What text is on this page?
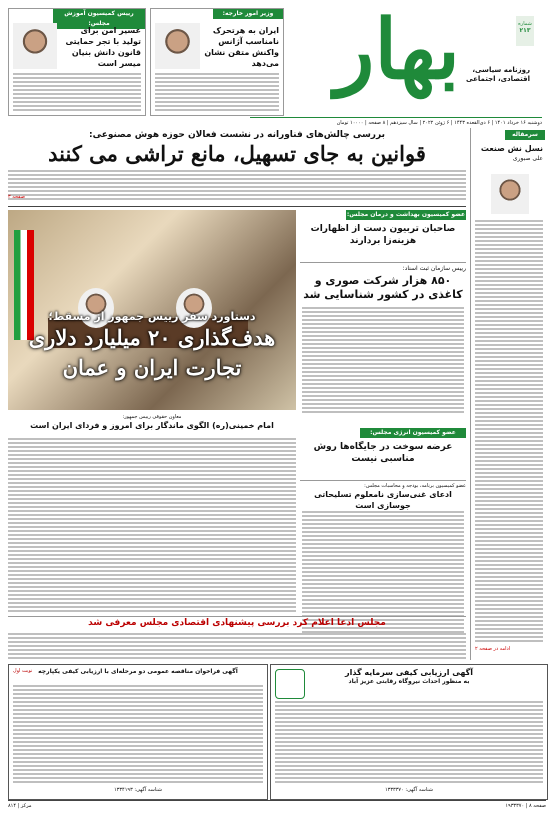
بهار	روزنامه سیاسی، اقتصادی، اجتماعی
شماره
۲۱۳
دوشنبه ۱۶ خرداد ۱۴۰۱ | ۶ ذی‌القعده ۱۴۴۳ | ۶ ژوئن ۲۰۲۲ | سال سیزدهم | ۸ صفحه | ۱۰۰۰۰ تومان
وزیر امور خارجه:
ایران به هرتحرک نامناسب آژانس واکنش متقن نشان می‌دهد
رییس کمیسیون آموزش مجلس:
عسیر امن برای تولید با تجر حمایتی قانون دانش بنیان میسر است
سرمقاله
نسل نش صنعت
علی صبوری
ادامه در صفحه ۲
بررسی چالش‌های فناورانه در نشست فعالان حوزه هوش مصنوعی:
قوانین به جای تسهیل، مانع تراشی می کنند
صفحه ۳
عضو کمیسیون بهداشت و درمان مجلس:
صاحبان تربیون دست از اظهارات هزینه‌زا بردارند
رییس سازمان ثبت اسناد:
۸۵۰ هزار شرکت صوری و کاغذی در کشور شناسایی شد
عضو کمیسیون انرژی مجلس:
عرضه سوخت در جایگاه‌ها روش مناسبی نیست
دستاورد سفر رییس جمهور از مسقط؛
هدف‌گذاری ۲۰ میلیارد دلاری
تجارت ایران و عمان
عضو کمیسیون برنامه، بودجه و محاسبات مجلس:
ادعای غنی‌سازی نامعلوم تسلیحاتی جوسازی است
معاون حقوقی رییس جمهور:
امام خمینی(ره) الگوی ماندگار برای امروز و فردای ایران است
مجلس ادعا اعلام کرد بررسی پیشنهادی اقتصادی مجلس معرفی شد
آگهی ارزیابی کیفی سرمایه گذار
به منظور احداث نیروگاه رقابتی عزیز آباد
شناسه آگهی: ۱۳۳۳۳۷۰
آگهی فراخوان مناقصه عمومی دو مرحله‌ای با ارزیابی کیفی یکپارچه
نوبت اول
شناسه آگهی: ۱۳۳۴۱۹۳
صفحه ۸ | ۱۹۳۳۳۷۰
مرکز | ۸۱۴
